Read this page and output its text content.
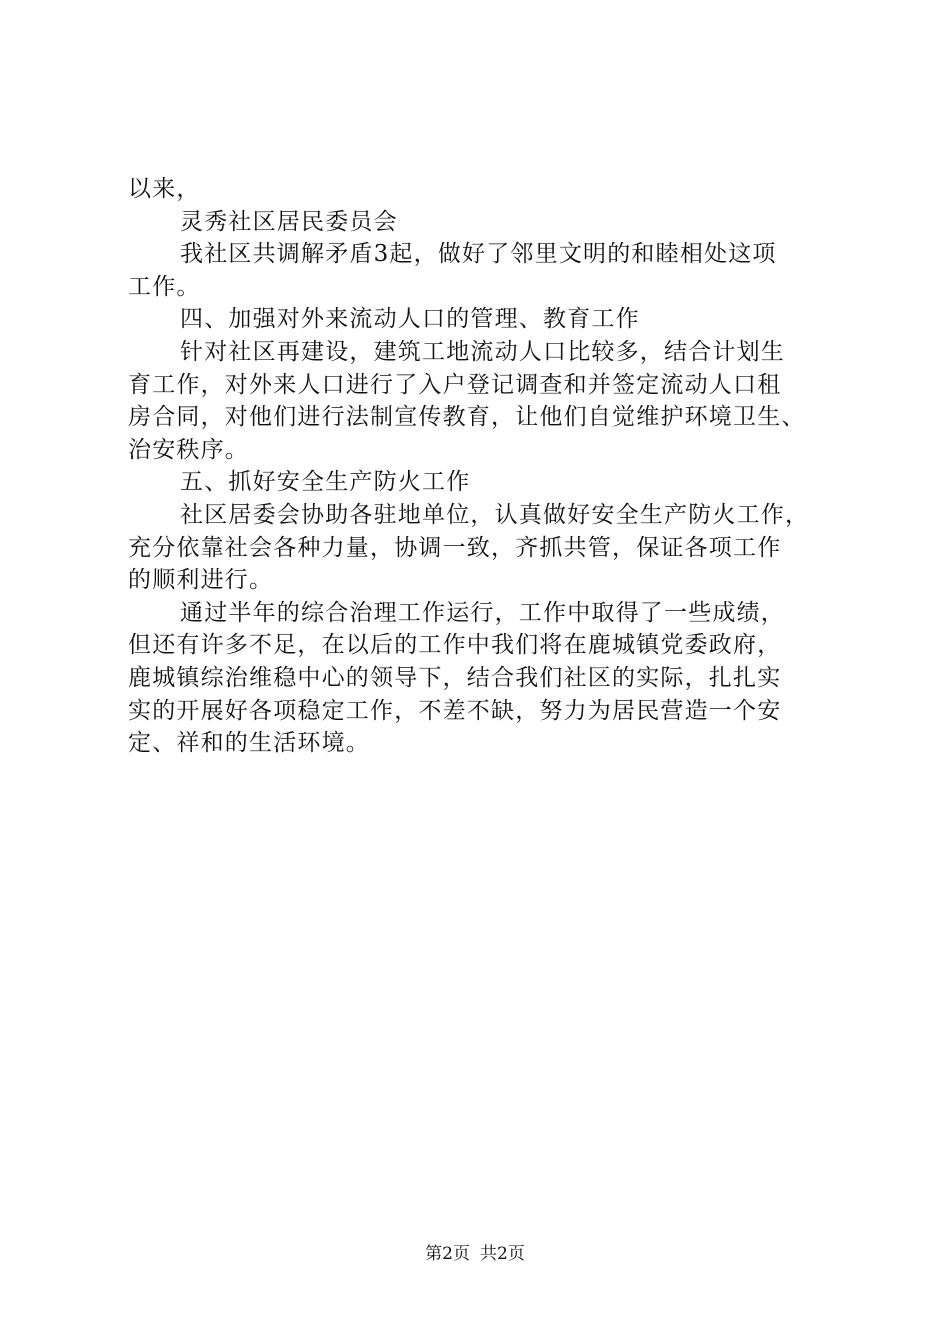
以来，
灵秀社区居民委员会
我社区共调解矛盾3起，做好了邻里文明的和睦相处这项
工作。
四、加强对外来流动人口的管理、教育工作
针对社区再建设，建筑工地流动人口比较多，结合计划生
育工作，对外来人口进行了入户登记调查和并签定流动人口租
房合同，对他们进行法制宣传教育，让他们自觉维护环境卫生、
治安秩序。
五、抓好安全生产防火工作
社区居委会协助各驻地单位，认真做好安全生产防火工作，
充分依靠社会各种力量，协调一致，齐抓共管，保证各项工作
的顺利进行。
通过半年的综合治理工作运行，工作中取得了一些成绩，
但还有许多不足，在以后的工作中我们将在鹿城镇党委政府，
鹿城镇综治维稳中心的领导下，结合我们社区的实际，扎扎实
实的开展好各项稳定工作，不差不缺，努力为居民营造一个安
定、祥和的生活环境。
第2页 共2页
